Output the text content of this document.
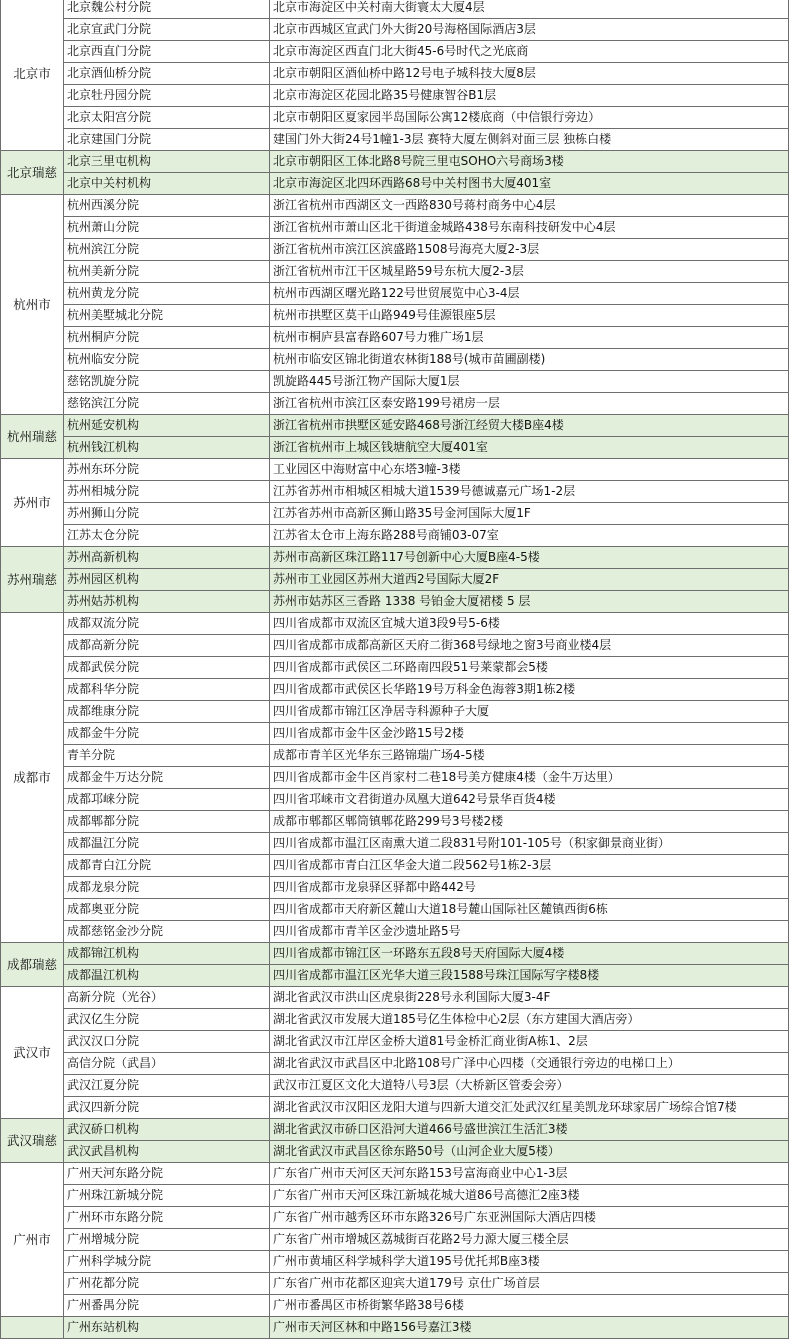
北京市	北京魏公村分院	北京市海淀区中关村南大街寰太大厦4层
	北京宣武门分院	北京市西城区宣武门外大街20号海格国际酒店3层
	北京西直门分院	北京市海淀区西直门北大街45-6号时代之光底商
	北京酒仙桥分院	北京市朝阳区酒仙桥中路12号电子城科技大厦8层
	北京牡丹园分院	北京市海淀区花园北路35号健康智谷B1层
	北京太阳宫分院	北京市朝阳区夏家园半岛国际公寓12楼底商（中信银行旁边）
	北京建国门分院	建国门外大街24号1幢1-3层 赛特大厦左侧斜对面三层 独栋白楼
北京瑞慈	北京三里屯机构	北京市朝阳区工体北路8号院三里屯SOHO六号商场3楼
	北京中关村机构	北京市海淀区北四环西路68号中关村图书大厦401室
杭州市	杭州西溪分院	浙江省杭州市西湖区文一西路830号蒋村商务中心4层
	杭州萧山分院	浙江省杭州市萧山区北干街道金城路438号东南科技研发中心4层
	杭州滨江分院	浙江省杭州市滨江区滨盛路1508号海亮大厦2-3层
	杭州美新分院	浙江省杭州市江干区城星路59号东杭大厦2-3层
	杭州黄龙分院	杭州市西湖区曙光路122号世贸展览中心3-4层
	杭州美墅城北分院	杭州市拱墅区莫干山路949号佳源银座5层
	杭州桐庐分院	杭州市桐庐县富春路607号力雅广场1层
	杭州临安分院	杭州市临安区锦北街道农林街188号(城市苗圃副楼)
	慈铭凯旋分院	凯旋路445号浙江物产国际大厦1层
	慈铭滨江分院	浙江省杭州市滨江区泰安路199号裙房一层
杭州瑞慈	杭州延安机构	浙江省杭州市拱墅区延安路468号浙江经贸大楼B座4楼
	杭州钱江机构	浙江省杭州市上城区钱塘航空大厦401室
苏州市	苏州东环分院	工业园区中海财富中心东塔3幢-3楼
	苏州相城分院	江苏省苏州市相城区相城大道1539号德诚嘉元广场1-2层
	苏州狮山分院	江苏省苏州市高新区狮山路35号金河国际大厦1F
	江苏太仓分院	江苏省太仓市上海东路288号商铺03-07室
苏州瑞慈	苏州高新机构	苏州市高新区珠江路117号创新中心大厦B座4-5楼
	苏州园区机构	苏州市工业园区苏州大道西2号国际大厦2F
	苏州姑苏机构	苏州市姑苏区三香路 1338 号铂金大厦裙楼 5 层
成都市	成都双流分院	四川省成都市双流区宜城大道3段9号5-6楼
	成都高新分院	四川省成都市成都高新区天府二街368号绿地之窗3号商业楼4层
	成都武侯分院	四川省成都市武侯区二环路南四段51号莱蒙都会5楼
	成都科华分院	四川省成都市武侯区长华路19号万科金色海蓉3期1栋2楼
	成都维康分院	四川省成都市锦江区净居寺科源种子大厦
	成都金牛分院	四川省成都市金牛区金沙路15号2楼
	青羊分院	成都市青羊区光华东三路锦瑞广场4-5楼
	成都金牛万达分院	四川省成都市金牛区肖家村二巷18号美方健康4楼（金牛万达里）
	成都邛崃分院	四川省邛崃市文君街道办凤凰大道642号景华百货4楼
	成都郫都分院	成都市郫都区郫筒镇郫花路299号3号楼2楼
	成都温江分院	四川省成都市温江区南熏大道二段831号附101-105号（积家御景商业街）
	成都青白江分院	四川省成都市青白江区华金大道二段562号1栋2-3层
	成都龙泉分院	四川省成都市龙泉驿区驿都中路442号
	成都奥亚分院	四川省成都市天府新区麓山大道18号麓山国际社区麓镇西街6栋
	成都慈铭金沙分院	四川省成都市青羊区金沙遗址路5号
成都瑞慈	成都锦江机构	四川省成都市锦江区一环路东五段8号天府国际大厦4楼
	成都温江机构	四川省成都市温江区光华大道三段1588号珠江国际写字楼8楼
武汉市	高新分院（光谷）	湖北省武汉市洪山区虎泉街228号永利国际大厦3-4F
	武汉亿生分院	湖北省武汉市发展大道185号亿生体检中心2层（东方建国大酒店旁）
	武汉汉口分院	湖北省武汉市江岸区金桥大道81号金桥汇商业街A栋1、2层
	高信分院（武昌）	湖北省武汉市武昌区中北路108号广泽中心四楼（交通银行旁边的电梯口上）
	武汉江夏分院	武汉市江夏区文化大道特八号3层（大桥新区管委会旁）
	武汉四新分院	湖北省武汉市汉阳区龙阳大道与四新大道交汇处武汉红星美凯龙环球家居广场综合馆7楼
武汉瑞慈	武汉硚口机构	湖北省武汉市硚口区沿河大道466号盛世滨江生活汇3楼
	武汉武昌机构	湖北省武汉市武昌区徐东路50号（山河企业大厦5楼）
广州市	广州天河东路分院	广东省广州市天河区天河东路153号富海商业中心1-3层
	广州珠江新城分院	广东省广州市天河区珠江新城花城大道86号高德汇2座3楼
	广州环市东路分院	广东省广州市越秀区环市东路326号广东亚洲国际大酒店四楼
	广州增城分院	广东省广州市增城区荔城街百花路2号力源大厦三楼全层
	广州科学城分院	广州市黄埔区科学城科学大道195号优托邦B座3楼
	广州花都分院	广东省广州市花都区迎宾大道179号 京仕广场首层
	广州番禺分院	广州市番禺区市桥街繁华路38号6楼
	广州东站机构	广州市天河区林和中路156号嘉江3楼
